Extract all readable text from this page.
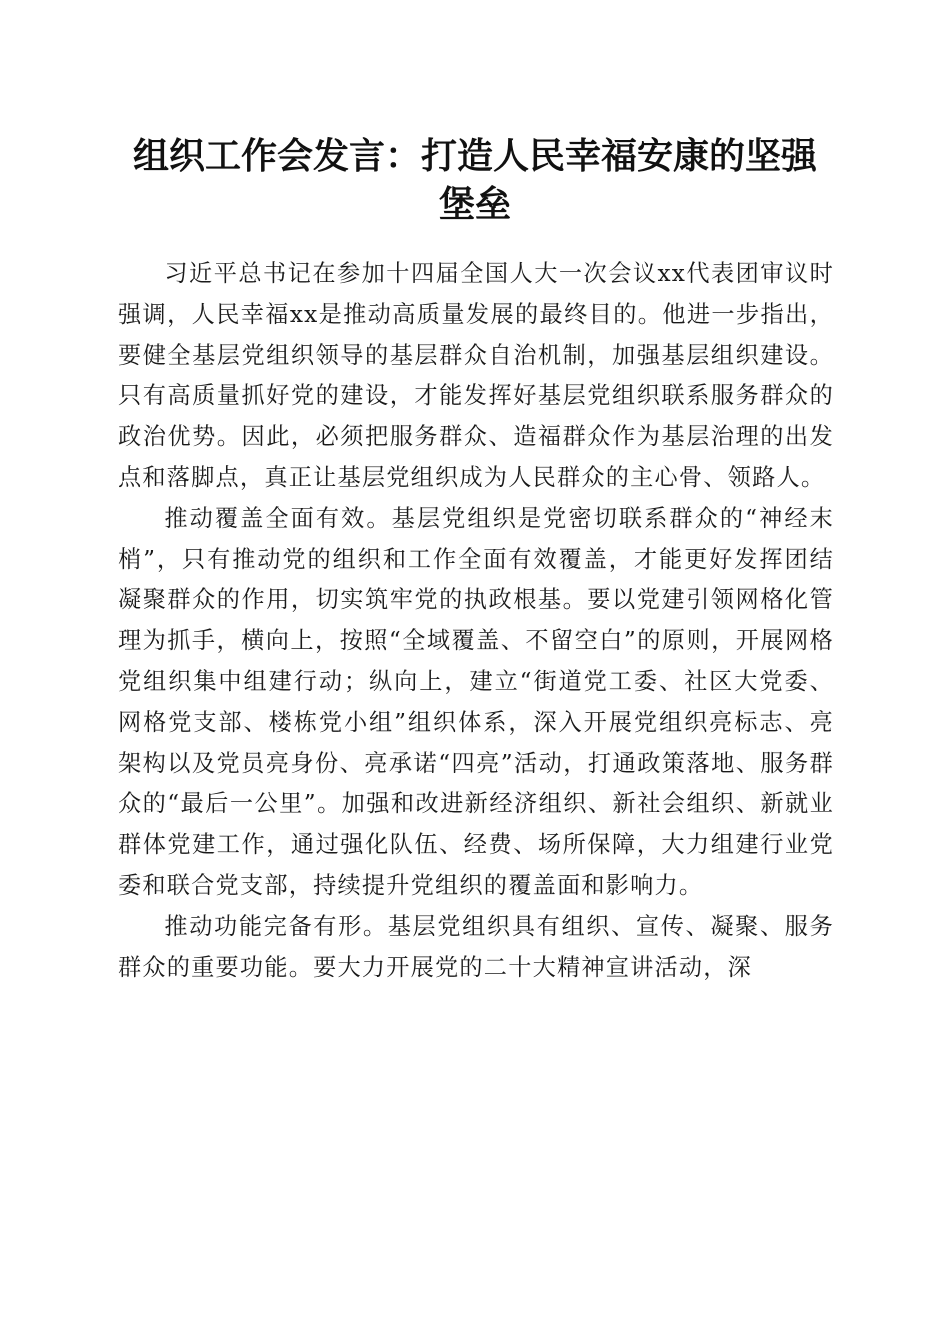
组织工作会发言：打造人民幸福安康的坚强堡垒

习近平总书记在参加十四届全国人大一次会议xx代表团审议时强调，人民幸福xx是推动高质量发展的最终目的。他进一步指出，要健全基层党组织领导的基层群众自治机制，加强基层组织建设。只有高质量抓好党的建设，才能发挥好基层党组织联系服务群众的政治优势。因此，必须把服务群众、造福群众作为基层治理的出发点和落脚点，真正让基层党组织成为人民群众的主心骨、领路人。

推动覆盖全面有效。基层党组织是党密切联系群众的“神经末梢”，只有推动党的组织和工作全面有效覆盖，才能更好发挥团结凝聚群众的作用，切实筑牢党的执政根基。要以党建引领网格化管理为抓手，横向上，按照“全域覆盖、不留空白”的原则，开展网格党组织集中组建行动；纵向上，建立“街道党工委、社区大党委、网格党支部、楼栋党小组”组织体系，深入开展党组织亮标志、亮架构以及党员亮身份、亮承诺“四亮”活动，打通政策落地、服务群众的“最后一公里”。加强和改进新经济组织、新社会组织、新就业群体党建工作，通过强化队伍、经费、场所保障，大力组建行业党委和联合党支部，持续提升党组织的覆盖面和影响力。

推动功能完备有形。基层党组织具有组织、宣传、凝聚、服务群众的重要功能。要大力开展党的二十大精神宣讲活动，深
